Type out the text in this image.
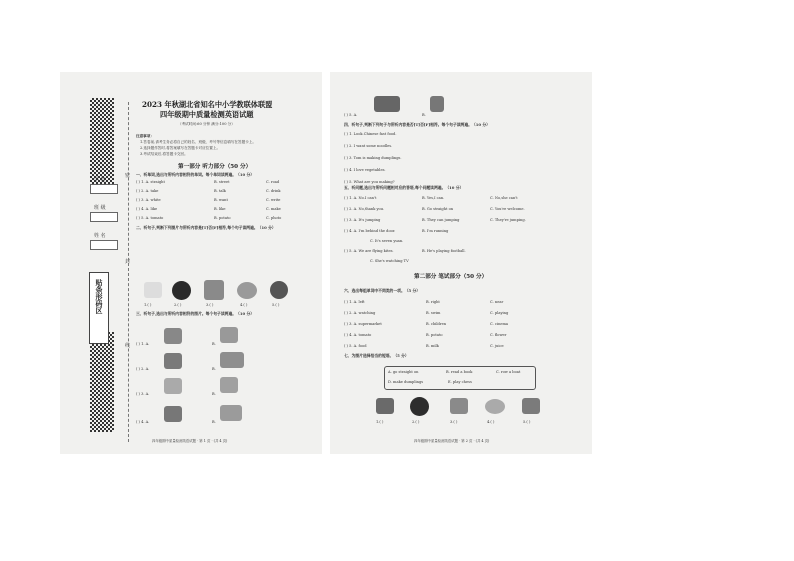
学 校
班 级
姓 名
密
封
线
贴条形码区
2023 年秋湖北省知名中小学教联体联盟
四年级期中质量检测英语试题
（考试时间:60 分钟 满分:100 分）
注意事项：
1.答卷前,请考生务必将自己的姓名、班级、考号等信息填写在答题卡上。
2.选择题作答时,将答案填写在答题卡对应位置上。
3.考试结束后,将答题卡交回。
第一部分 听力部分（50 分）
一、听单词,选出与所听内容相符的单词。每个单词读两遍。（10 分）
( ) 1. A. straight	B. street	C. road
( ) 2. A. take	B. talk	C. drink
( ) 3. A. white	B. want	C. write
( ) 4. A. like	B. like	C. make
( ) 5. A. tomato	B. potato	C. photo
二、听句子,判断下列图片与所听内容是[T]否[F]相符,每个句子读两遍。（10 分）
1.( )	2.( )	3.( )	4.( )	5.( )
三、听句子,选出与所听内容相符的图片。每个句子读两遍。（10 分）
( ) 1. A.	B.
( ) 2. A.	B.
( ) 3. A.	B.
( ) 4. A.	B.
四年级期中质量检测英语试题 · 第 1 页 · (共 4 页)
( ) 5. A.	B.
四、听句子,判断下列句子与所听内容是否[T]否[F]相符。每个句子读两遍。（10 分）
( ) 1. Look.Chinese fast food.
( ) 2. I want some noodles.
( ) 3. Tom is making dumplings.
( ) 4. I love vegetables.
( ) 5. What are you making?
五、听问题,选出与所听问题相对应的答语,每个问题读两遍。（10 分）
( ) 1. A. No.I can't	B. Yes,I can.	C. No,she can't
( ) 2. A. No,thank you.	B. Go straight on	C. You're welcome.
( ) 3. A. It's jumping	B. They can jumping	C. They're jumping.
( ) 4. A. I'm behind the door.	B. I'm running
C. It's seven yuan.
( ) 5. A. We are flying kites.	B. He's playing football.
C. She's watching TV
第二部分 笔试部分（50 分）
六、选出每组单词中不同类的一项。（5 分）
( ) 1. A. left	B. right	C. near
( ) 2. A. watching	B. swim	C. playing
( ) 3. A. supermarket	B. children	C. cinema
( ) 4. A. tomato	B. potato	C. flower
( ) 5. A. food	B. milk	C. juice
七、为图片选择恰当的短语。（5 分）
A. go straight on	B. read a book	C. row a boat
D. make dumplings	E. play chess
1.( )	2.( )	3.( )	4.( )	5.( )
四年级期中质量检测英语试题 · 第 2 页 · (共 4 页)
